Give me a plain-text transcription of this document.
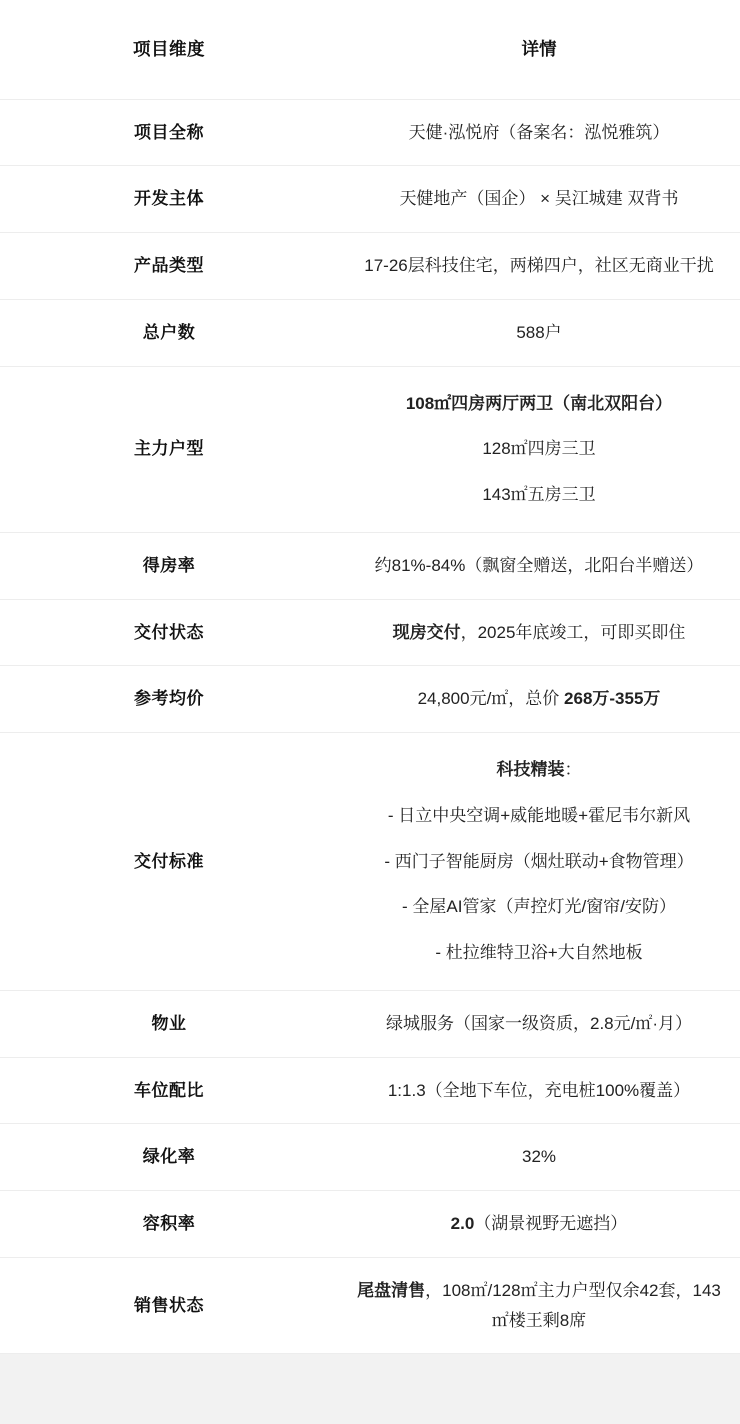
项目维度	详情
项目全称	天健·泓悦府（备案名：泓悦雅筑）

开发主体	天健地产（国企） × 吴江城建 双背书

产品类型	17-26层科技住宅，两梯四户，社区无商业干扰

总户数	588户

主力户型	108㎡四房两厅两卫（南北双阳台）
128㎡四房三卫
143㎡五房三卫

得房率	约81%-84%（飘窗全赠送，北阳台半赠送）

交付状态	现房交付，2025年底竣工，可即买即住

参考均价	24,800元/㎡，总价 268万-355万

交付标准	科技精装：
- 日立中央空调+威能地暖+霍尼韦尔新风
- 西门子智能厨房（烟灶联动+食物管理）
- 全屋AI管家（声控灯光/窗帘/安防）
- 杜拉维特卫浴+大自然地板

物业	绿城服务（国家一级资质，2.8元/㎡·月）

车位配比	1:1.3（全地下车位，充电桩100%覆盖）

绿化率	32%

容积率	2.0（湖景视野无遮挡）

销售状态	尾盘清售，108㎡/128㎡主力户型仅余42套，143㎡楼王剩8席
